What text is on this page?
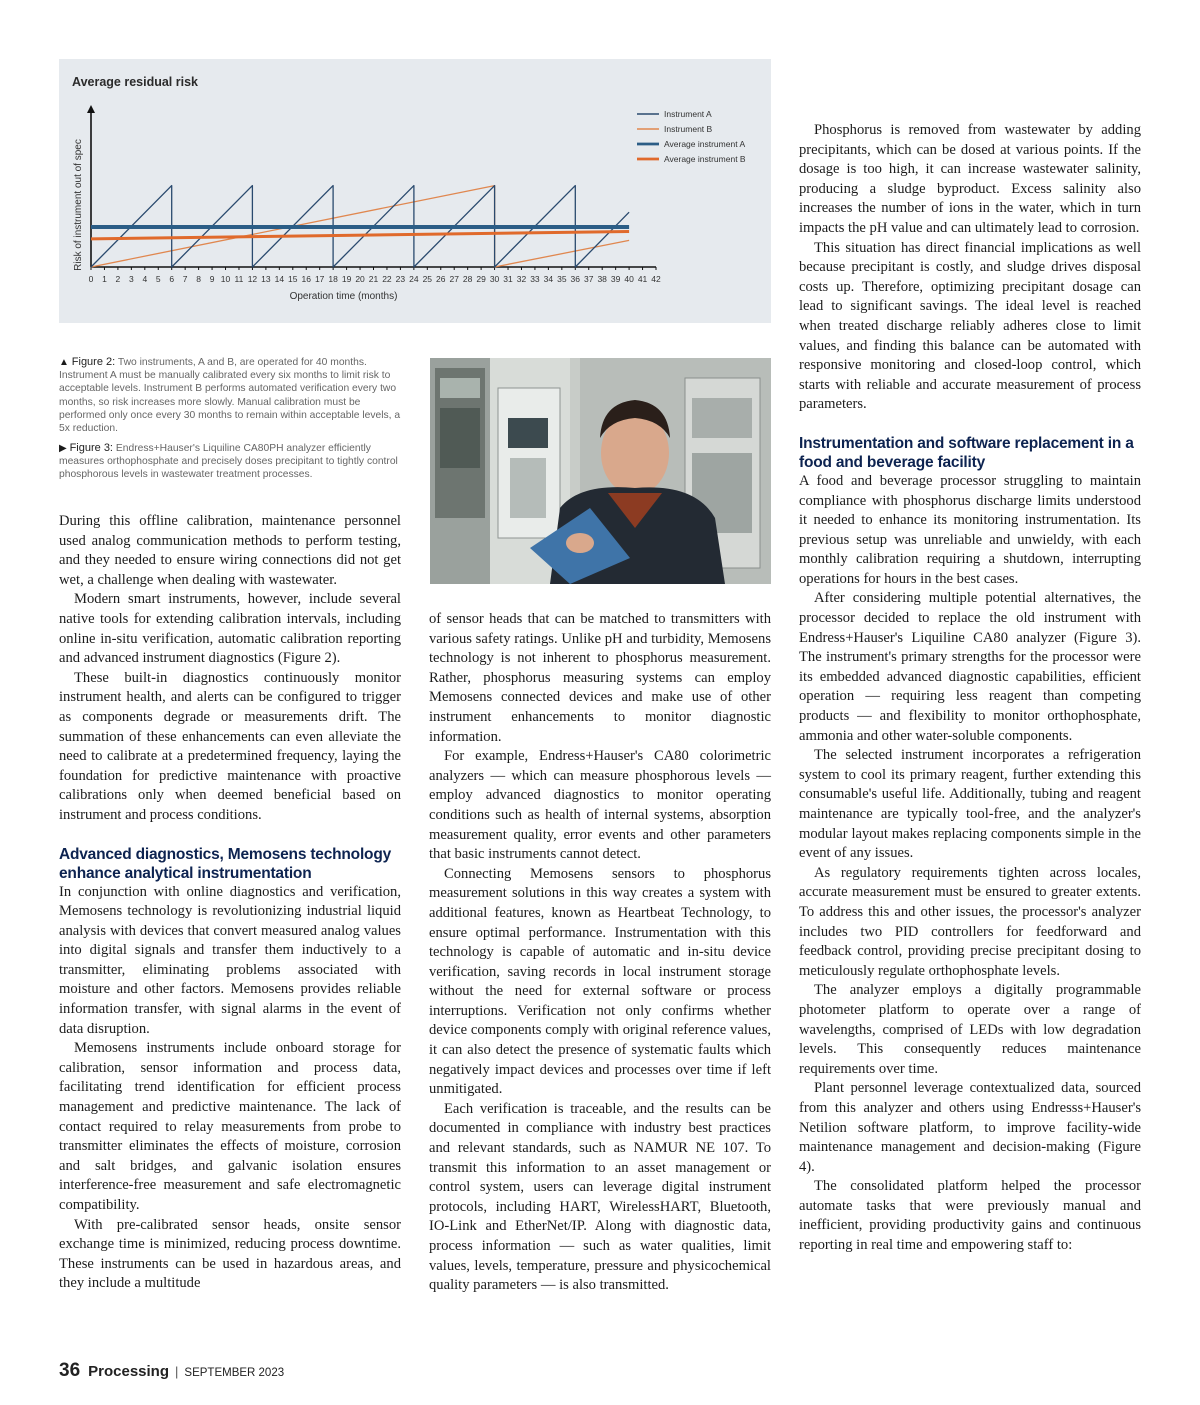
Average residual risk
0 1 2 3 4 5 6 7 8 9 10 11 12 13 14 15 16 17 18 19 20 21 22 23 24 25 26 27 28 29 30 31 32 33 34 35 36 37 38 39 40 41 42
Operation time (months)
Risk of instrument out of spec
Instrument A
Instrument B
Average instrument A
Average instrument B

▲ Figure 2: Two instruments, A and B, are operated for 40 months. Instrument A must be manually calibrated every six months to limit risk to acceptable levels. Instrument B performs automated verification every two months, so risk increases more slowly. Manual calibration must be performed only once every 30 months to remain within acceptable levels, a 5x reduction.

▶ Figure 3: Endress+Hauser's Liquiline CA80PH analyzer efficiently measures orthophosphate and precisely doses precipitant to tightly control phosphorous levels in wastewater treatment processes.

During this offline calibration, maintenance personnel used analog communication methods to perform testing, and they needed to ensure wiring connections did not get wet, a challenge when dealing with wastewater.

Modern smart instruments, however, include several native tools for extending calibration intervals, including online in-situ verification, automatic calibration reporting and advanced instrument diagnostics (Figure 2).

These built-in diagnostics continuously monitor instrument health, and alerts can be configured to trigger as components degrade or measurements drift. The summation of these enhancements can even alleviate the need to calibrate at a predetermined frequency, laying the foundation for predictive maintenance with proactive calibrations only when deemed beneficial based on instrument and process conditions.

Advanced diagnostics, Memosens technology enhance analytical instrumentation

In conjunction with online diagnostics and verification, Memosens technology is revolutionizing industrial liquid analysis with devices that convert measured analog values into digital signals and transfer them inductively to a transmitter, eliminating problems associated with moisture and other factors. Memosens provides reliable information transfer, with signal alarms in the event of data disruption.

Memosens instruments include onboard storage for calibration, sensor information and process data, facilitating trend identification for efficient process management and predictive maintenance. The lack of contact required to relay measurements from probe to transmitter eliminates the effects of moisture, corrosion and salt bridges, and galvanic isolation ensures interference-free measurement and safe electromagnetic compatibility.

With pre-calibrated sensor heads, onsite sensor exchange time is minimized, reducing process downtime. These instruments can be used in hazardous areas, and they include a multitude

of sensor heads that can be matched to transmitters with various safety ratings. Unlike pH and turbidity, Memosens technology is not inherent to phosphorus measurement. Rather, phosphorus measuring systems can employ Memosens connected devices and make use of other instrument enhancements to monitor diagnostic information.

For example, Endress+Hauser's CA80 colorimetric analyzers — which can measure phosphorous levels — employ advanced diagnostics to monitor operating conditions such as health of internal systems, absorption measurement quality, error events and other parameters that basic instruments cannot detect.

Connecting Memosens sensors to phosphorus measurement solutions in this way creates a system with additional features, known as Heartbeat Technology, to ensure optimal performance. Instrumentation with this technology is capable of automatic and in-situ device verification, saving records in local instrument storage without the need for external software or process interruptions. Verification not only confirms whether device components comply with original reference values, it can also detect the presence of systematic faults which negatively impact devices and processes over time if left unmitigated.

Each verification is traceable, and the results can be documented in compliance with industry best practices and relevant standards, such as NAMUR NE 107. To transmit this information to an asset management or control system, users can leverage digital instrument protocols, including HART, WirelessHART, Bluetooth, IO-Link and EtherNet/IP. Along with diagnostic data, process information — such as water qualities, limit values, levels, temperature, pressure and physicochemical quality parameters — is also transmitted.

Phosphorus is removed from wastewater by adding precipitants, which can be dosed at various points. If the dosage is too high, it can increase wastewater salinity, producing a sludge byproduct. Excess salinity also increases the number of ions in the water, which in turn impacts the pH value and can ultimately lead to corrosion.

This situation has direct financial implications as well because precipitant is costly, and sludge drives disposal costs up. Therefore, optimizing precipitant dosage can lead to significant savings. The ideal level is reached when treated discharge reliably adheres close to limit values, and finding this balance can be automated with responsive monitoring and closed-loop control, which starts with reliable and accurate measurement of process parameters.

Instrumentation and software replacement in a food and beverage facility

A food and beverage processor struggling to maintain compliance with phosphorus discharge limits understood it needed to enhance its monitoring instrumentation. Its previous setup was unreliable and unwieldy, with each monthly calibration requiring a shutdown, interrupting operations for hours in the best cases.

After considering multiple potential alternatives, the processor decided to replace the old instrument with Endress+Hauser's Liquiline CA80 analyzer (Figure 3). The instrument's primary strengths for the processor were its embedded advanced diagnostic capabilities, efficient operation — requiring less reagent than competing products — and flexibility to monitor orthophosphate, ammonia and other water-soluble components.

The selected instrument incorporates a refrigeration system to cool its primary reagent, further extending this consumable's useful life. Additionally, tubing and reagent maintenance are typically tool-free, and the analyzer's modular layout makes replacing components simple in the event of any issues.

As regulatory requirements tighten across locales, accurate measurement must be ensured to greater extents. To address this and other issues, the processor's analyzer includes two PID controllers for feedforward and feedback control, providing precise precipitant dosing to meticulously regulate orthophosphate levels.

The analyzer employs a digitally programmable photometer platform to operate over a range of wavelengths, comprised of LEDs with low degradation levels. This consequently reduces maintenance requirements over time.

Plant personnel leverage contextualized data, sourced from this analyzer and others using Endresss+Hauser's Netilion software platform, to improve facility-wide maintenance management and decision-making (Figure 4).

The consolidated platform helped the processor automate tasks that were previously manual and inefficient, providing productivity gains and continuous reporting in real time and empowering staff to:

36 Processing | SEPTEMBER 2023
